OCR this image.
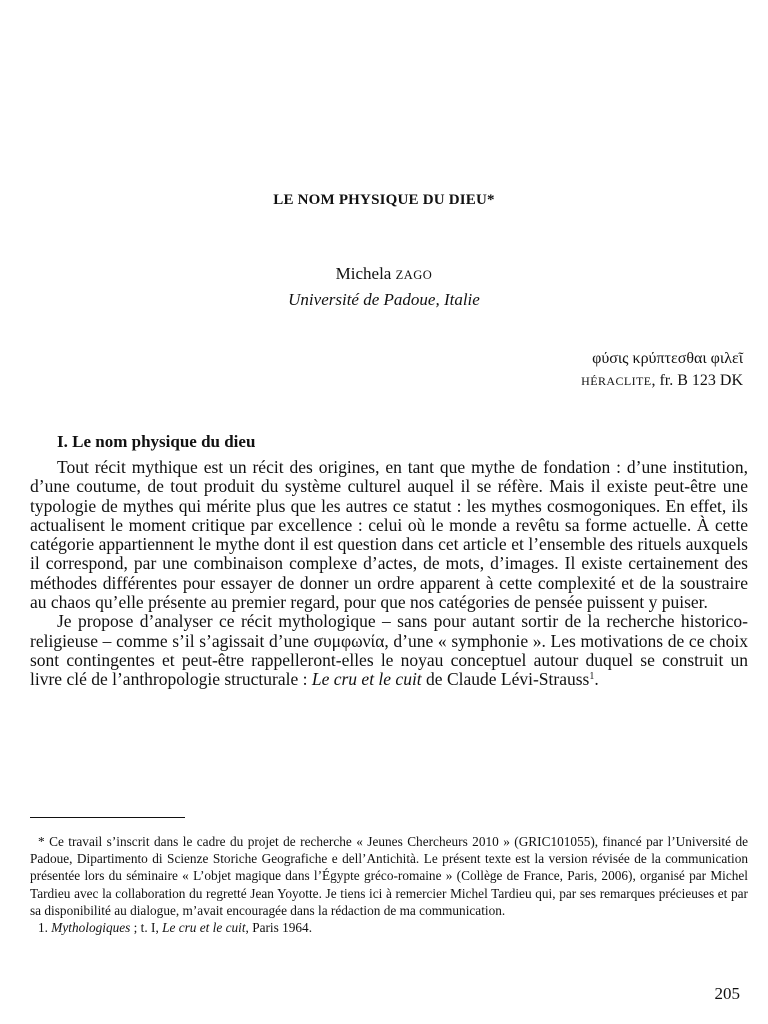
LE NOM PHYSIQUE DU DIEU*
Michela ZAGO
Université de Padoue, Italie
φύσις κρύπτεσθαι φιλεῖ
HÉRACLITE, fr. B 123 DK
I. Le nom physique du dieu

Tout récit mythique est un récit des origines, en tant que mythe de fondation : d’une institution, d’une coutume, de tout produit du système culturel auquel il se réfère. Mais il existe peut-être une typologie de mythes qui mérite plus que les autres ce statut : les mythes cosmogoniques. En effet, ils actualisent le moment critique par excellence : celui où le monde a revêtu sa forme actuelle. À cette catégorie appartiennent le mythe dont il est question dans cet article et l’ensemble des rituels auxquels il correspond, par une combinaison complexe d’actes, de mots, d’images. Il existe certainement des méthodes différentes pour essayer de donner un ordre apparent à cette complexité et de la soustraire au chaos qu’elle présente au premier regard, pour que nos catégories de pensée puissent y puiser.

Je propose d’analyser ce récit mythologique – sans pour autant sortir de la recherche historico-religieuse – comme s’il s’agissait d’une συμφωνία, d’une « symphonie ». Les motivations de ce choix sont contingentes et peut-être rappelleront-elles le noyau conceptuel autour duquel se construit un livre clé de l’anthropologie structurale : Le cru et le cuit de Claude Lévi-Strauss$^1$.

* Ce travail s’inscrit dans le cadre du projet de recherche « Jeunes Chercheurs 2010 » (GRIC101055), financé par l’Université de Padoue, Dipartimento di Scienze Storiche Geografiche e dell’Antichità. Le présent texte est la version révisée de la communication présentée lors du séminaire « L’objet magique dans l’Égypte gréco-romaine » (Collège de France, Paris, 2006), organisé par Michel Tardieu avec la collaboration du regretté Jean Yoyotte. Je tiens ici à remercier Michel Tardieu qui, par ses remarques précieuses et par sa disponibilité au dialogue, m’avait encouragée dans la rédaction de ma communication.

1. Mythologiques ; t. I, Le cru et le cuit, Paris 1964.

205
